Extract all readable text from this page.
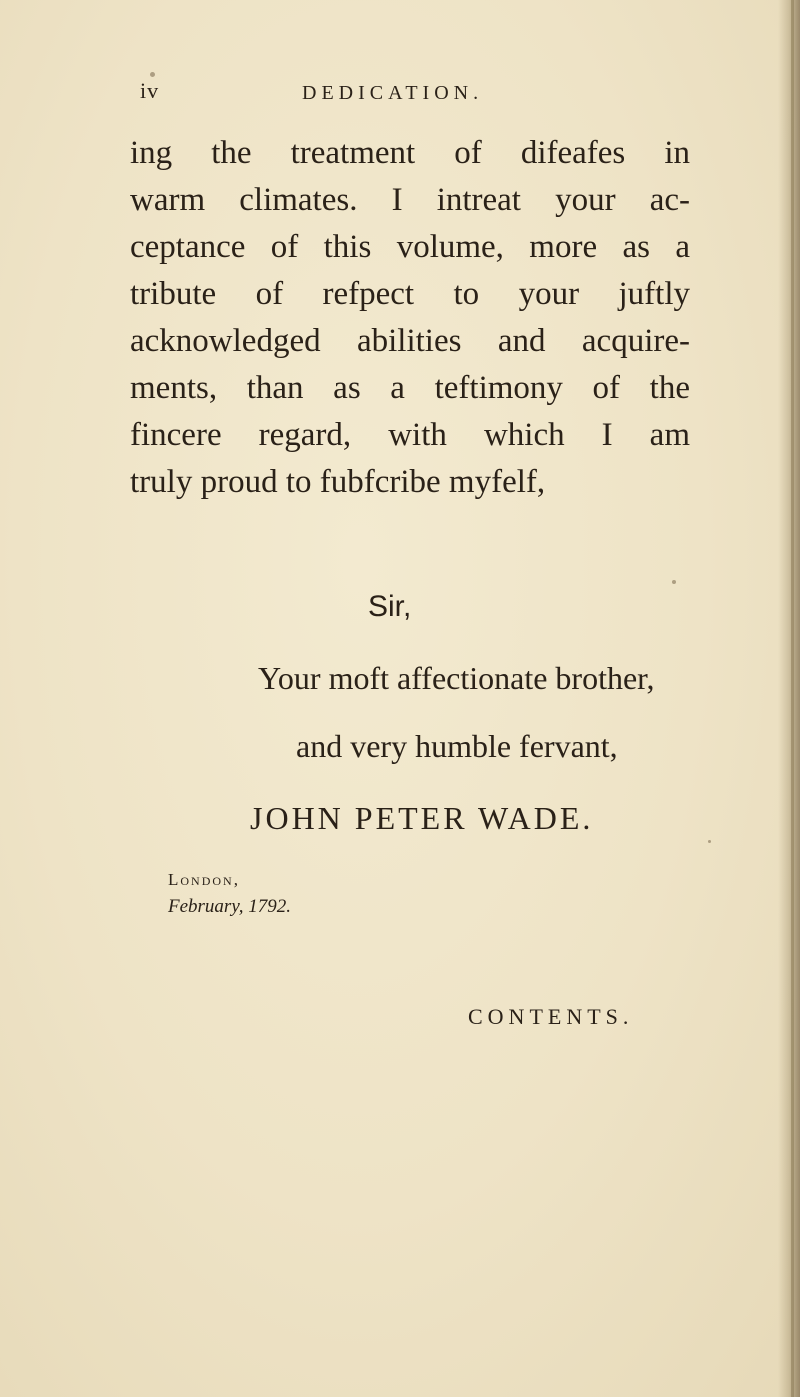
iv	DEDICATION.
ing the treatment of difeafes in
warm climates. I intreat your ac-
ceptance of this volume, more as a
tribute of refpect to your juftly
acknowledged abilities and acquire-
ments, than as a teftimony of the
fincere regard, with which I am
truly proud to fubfcribe myfelf,
Sir,
Your moft affectionate brother,
and very humble fervant,
JOHN PETER WADE.
London,
February, 1792.
CONTENTS.
